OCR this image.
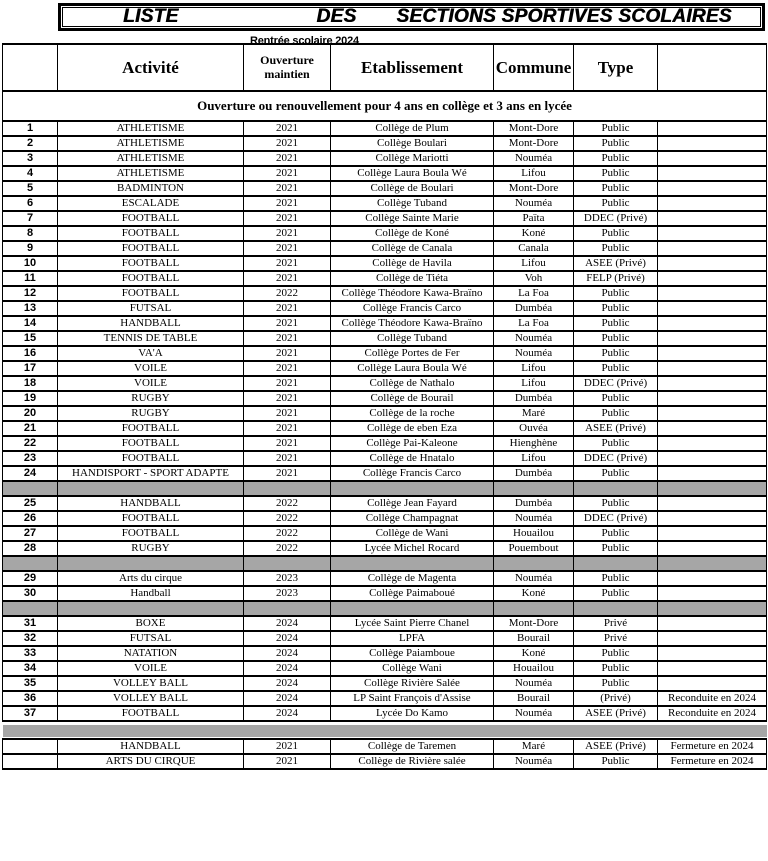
LISTE	DES SECTIONS SPORTIVES SCOLAIRES
Rentrée scolaire 2024
	Activité	Ouverture maintien	Etablissement	Commune	Type	
Ouverture ou renouvellement pour 4 ans en collège et 3 ans en lycée						
1	ATHLETISME	2021	Collège de Plum	Mont-Dore	Public	
2	ATHLETISME	2021	Collège Boulari	Mont-Dore	Public	
3	ATHLETISME	2021	Collège Mariotti	Nouméa	Public	
4	ATHLETISME	2021	Collège Laura Boula Wé	Lifou	Public	
5	BADMINTON	2021	Collège de Boulari	Mont-Dore	Public	
6	ESCALADE	2021	Collège Tuband	Nouméa	Public	
7	FOOTBALL	2021	Collège Sainte Marie	Païta	DDEC (Privé)	
8	FOOTBALL	2021	Collège de Koné	Koné	Public	
9	FOOTBALL	2021	Collège de Canala	Canala	Public	
10	FOOTBALL	2021	Collège de Havila	Lifou	ASEE (Privé)	
11	FOOTBALL	2021	Collège de Tiéta	Voh	FELP (Privé)	
12	FOOTBALL	2022	Collège Théodore Kawa-Braïno	La Foa	Public	
13	FUTSAL	2021	Collège Francis Carco	Dumbéa	Public	
14	HANDBALL	2021	Collège Théodore Kawa-Braïno	La Foa	Public	
15	TENNIS DE TABLE	2021	Collège Tuband	Nouméa	Public	
16	VA'A	2021	Collège Portes de Fer	Nouméa	Public	
17	VOILE	2021	Collège Laura Boula Wé	Lifou	Public	
18	VOILE	2021	Collège de Nathalo	Lifou	DDEC (Privé)	
19	RUGBY	2021	Collège de Bourail	Dumbéa	Public	
20	RUGBY	2021	Collège de la roche	Maré	Public	
21	FOOTBALL	2021	Collège de eben Eza	Ouvéa	ASEE (Privé)	
22	FOOTBALL	2021	Collège Pai-Kaleone	Hienghène	Public	
23	FOOTBALL	2021	Collège de Hnatalo	Lifou	DDEC (Privé)	
24	HANDISPORT - SPORT ADAPTE	2021	Collège Francis Carco	Dumbéa	Public	

25	HANDBALL	2022	Collège Jean Fayard	Dumbéa	Public	
26	FOOTBALL	2022	Collège Champagnat	Nouméa	DDEC (Privé)	
27	FOOTBALL	2022	Collège de Wani	Houailou	Public	
28	RUGBY	2022	Lycée Michel Rocard	Pouembout	Public	

29	Arts du cirque	2023	Collège de Magenta	Nouméa	Public	
30	Handball	2023	Collège Paimaboué	Koné	Public	

31	BOXE	2024	Lycée Saint Pierre Chanel	Mont-Dore	Privé	
32	FUTSAL	2024	LPFA	Bourail	Privé	
33	NATATION	2024	Collège Paiamboue	Koné	Public	
34	VOILE	2024	Collège Wani	Houailou	Public	
35	VOLLEY BALL	2024	Collège Rivière Salée	Nouméa	Public	
36	VOLLEY BALL	2024	LP Saint François d'Assise	Bourail	(Privé)	Reconduite en 2024
37	FOOTBALL	2024	Lycée Do Kamo	Nouméa	ASEE (Privé)	Reconduite en 2024

	HANDBALL	2021	Collège de Taremen	Maré	ASEE (Privé)	Fermeture en 2024
	ARTS DU CIRQUE	2021	Collège de Rivière salée	Nouméa	Public	Fermeture en 2024
